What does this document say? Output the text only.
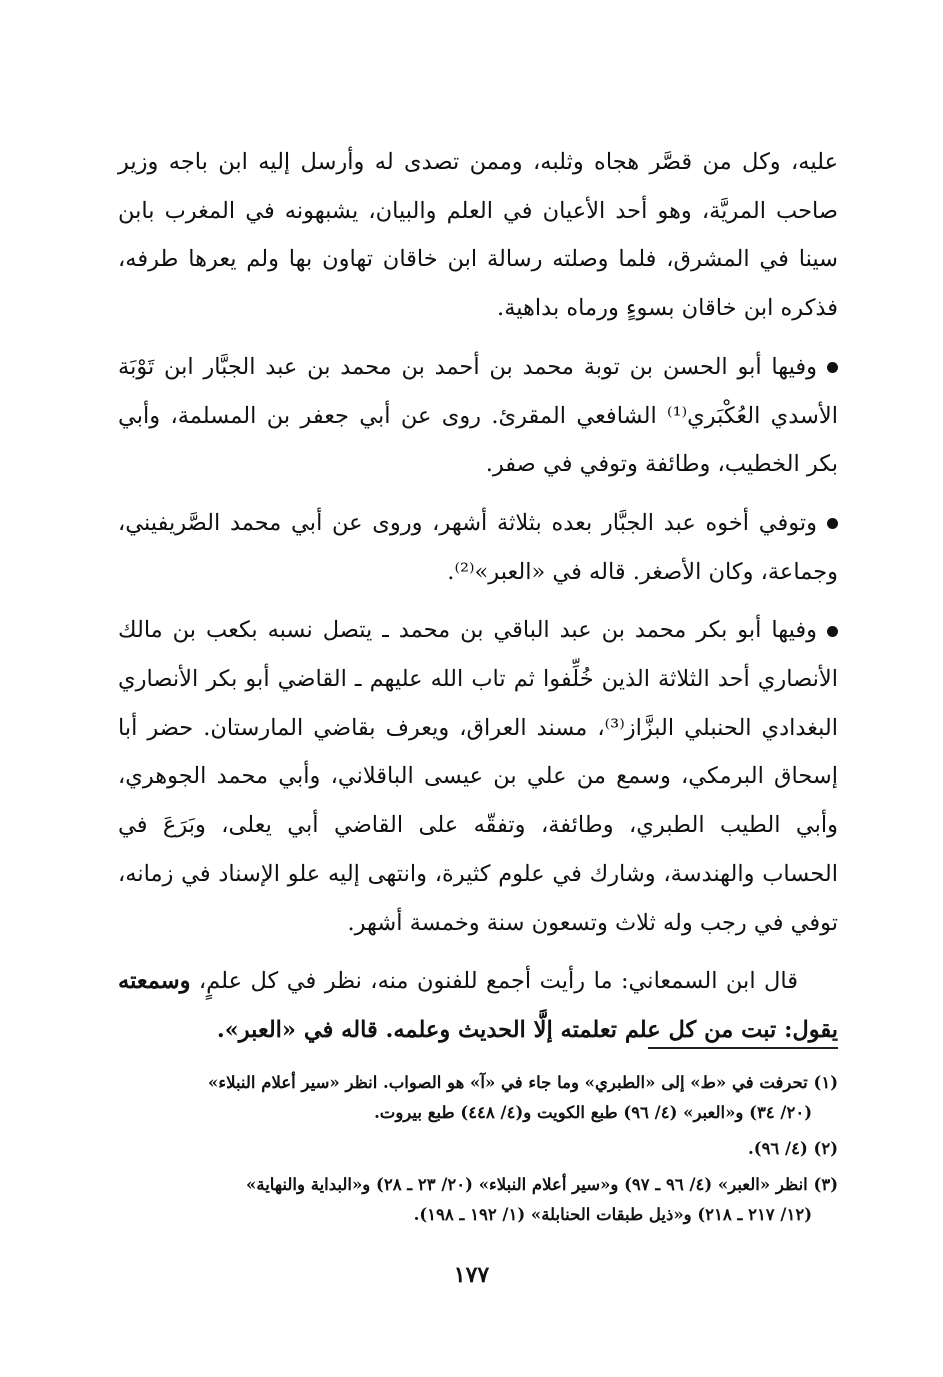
عليه، وكل من قصَّر هجاه وثلبه، وممن تصدى له وأرسل إليه ابن باجه وزير صاحب المريَّة، وهو أحد الأعيان في العلم والبيان، يشبهونه في المغرب بابن سينا في المشرق، فلما وصلته رسالة ابن خاقان تهاون بها ولم يعرها طرفه، فذكره ابن خاقان بسوءٍ ورماه بداهية.

وفيها أبو الحسن بن توبة محمد بن أحمد بن محمد بن عبد الجبَّار ابن تَوْبَة الأسدي العُكْبَري⁽¹⁾ الشافعي المقرئ. روى عن أبي جعفر بن المسلمة، وأبي بكر الخطيب، وطائفة وتوفي في صفر.

وتوفي أخوه عبد الجبَّار بعده بثلاثة أشهر، وروى عن أبي محمد الصَّريفيني، وجماعة، وكان الأصغر. قاله في «العبر»⁽²⁾.

وفيها أبو بكر محمد بن عبد الباقي بن محمد ـ يتصل نسبه بكعب بن مالك الأنصاري أحد الثلاثة الذين خُلِّفوا ثم تاب الله عليهم ـ القاضي أبو بكر الأنصاري البغدادي الحنبلي البزَّاز⁽³⁾، مسند العراق، ويعرف بقاضي المارستان. حضر أبا إسحاق البرمكي، وسمع من علي بن عيسى الباقلاني، وأبي محمد الجوهري، وأبي الطيب الطبري، وطائفة، وتفقّه على القاضي أبي يعلى، وبَرَعَ في الحساب والهندسة، وشارك في علوم كثيرة، وانتهى إليه علو الإسناد في زمانه، توفي في رجب وله ثلاث وتسعون سنة وخمسة أشهر.

قال ابن السمعاني: ما رأيت أجمع للفنون منه، نظر في كل علمٍ، وسمعته يقول: تبت من كل علم تعلمته إلَّا الحديث وعلمه. قاله في «العبر».

(١) تحرفت في «ط» إلى «الطبري» وما جاء في «آ» هو الصواب. انظر «سير أعلام النبلاء»
(٢٠/ ٣٤) و«العبر» (٤/ ٩٦) طبع الكويت و(٤/ ٤٤٨) طبع بيروت.

(٢) (٤/ ٩٦).

(٣) انظر «العبر» (٤/ ٩٦ ـ ٩٧) و«سير أعلام النبلاء» (٢٠/ ٢٣ ـ ٢٨) و«البداية والنهاية»
(١٢/ ٢١٧ ـ ٢١٨) و«ذيل طبقات الحنابلة» (١/ ١٩٢ ـ ١٩٨).

١٧٧
